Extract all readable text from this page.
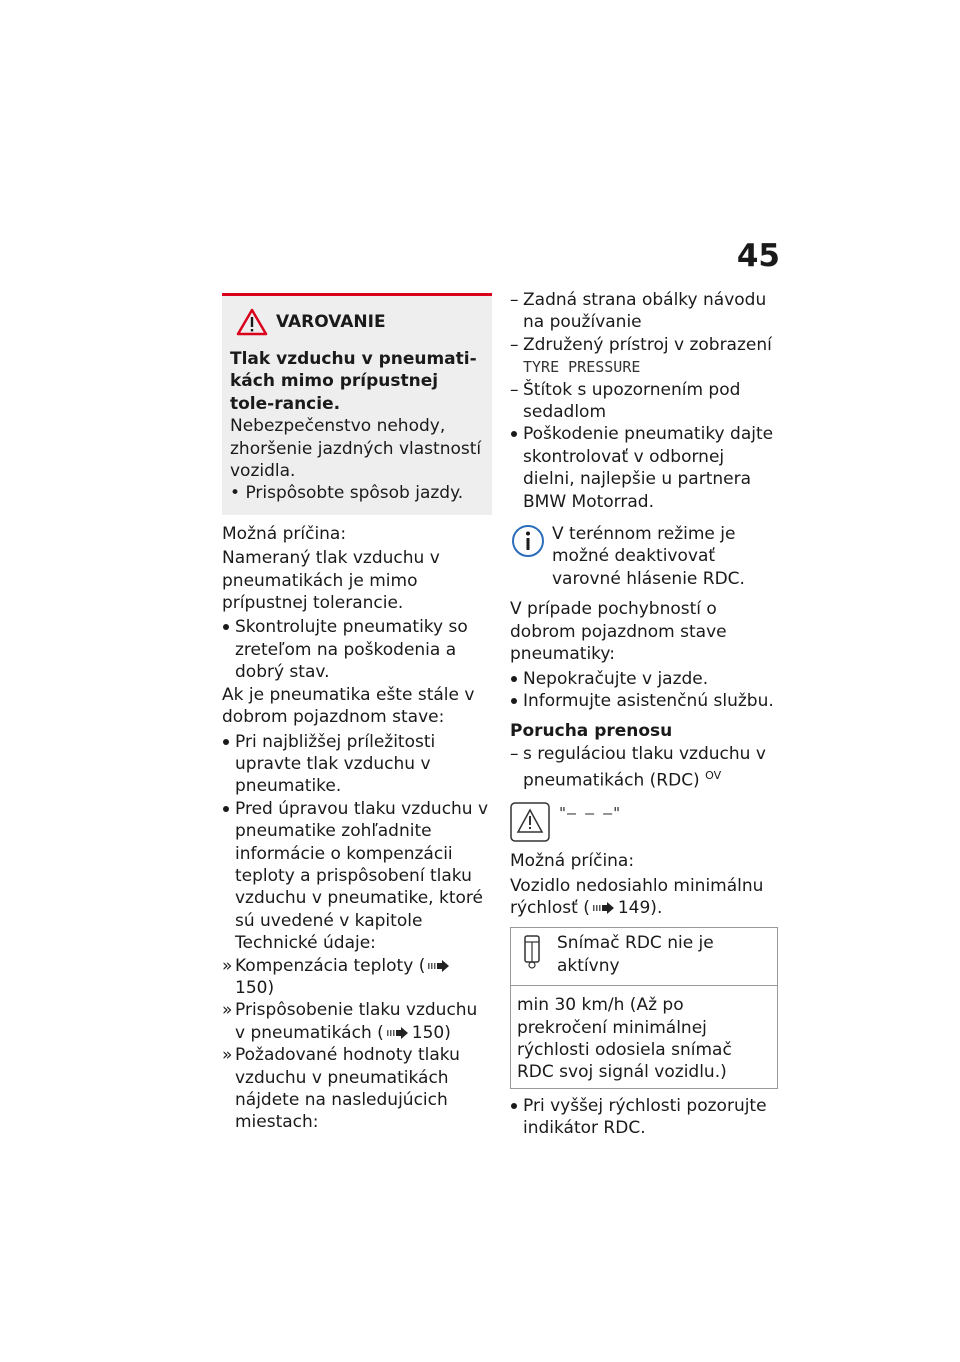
45
VAROVANIE
Tlak vzduchu v pneumati-kách mimo prípustnej tole-rancie.
Nebezpečenstvo nehody, zhoršenie jazdných vlastností vozidla.
• Prispôsobte spôsob jazdy.
Možná príčina:
Nameraný tlak vzduchu v pneumatikách je mimo prípustnej tolerancie.
Skontrolujte pneumatiky so zreteľom na poškodenia a dobrý stav.
Ak je pneumatika ešte stále v dobrom pojazdnom stave:
Pri najbližšej príležitosti upravte tlak vzduchu v pneumatike.
Pred úpravou tlaku vzduchu v pneumatike zohľadnite informácie o kompenzácii teploty a prispôsobení tlaku vzduchu v pneumatike, ktoré sú uvedené v kapitole Technické údaje:
» Kompenzácia teploty (150)
» Prispôsobenie tlaku vzduchu v pneumatikách ( 150)
» Požadované hodnoty tlaku vzduchu v pneumatikách nájdete na nasledujúcich miestach:
– Zadná strana obálky návodu na používanie
– Združený prístroj v zobrazení
TYRE PRESSURE
– Štítok s upozornením pod sedadlom
Poškodenie pneumatiky dajte skontrolovať v odbornej dielni, najlepšie u partnera BMW Motorrad.
V terénnom režime je možné deaktivovať varovné hlásenie RDC.
V prípade pochybností o dobrom pojazdnom stave pneumatiky:
Nepokračujte v jazde.
Informujte asistenčnú službu.
Porucha prenosu
– s reguláciou tlaku vzduchu v pneumatikách (RDC) $^{OV}$
"– – –"
Možná príčina:
Vozidlo nedosiahlo minimálnu rýchlosť ( 149).
Snímač RDC nie je aktívny
min 30 km/h (Až po prekročení minimálnej rýchlosti odosiela snímač RDC svoj signál vozidlu.)
Pri vyššej rýchlosti pozorujte indikátor RDC.
